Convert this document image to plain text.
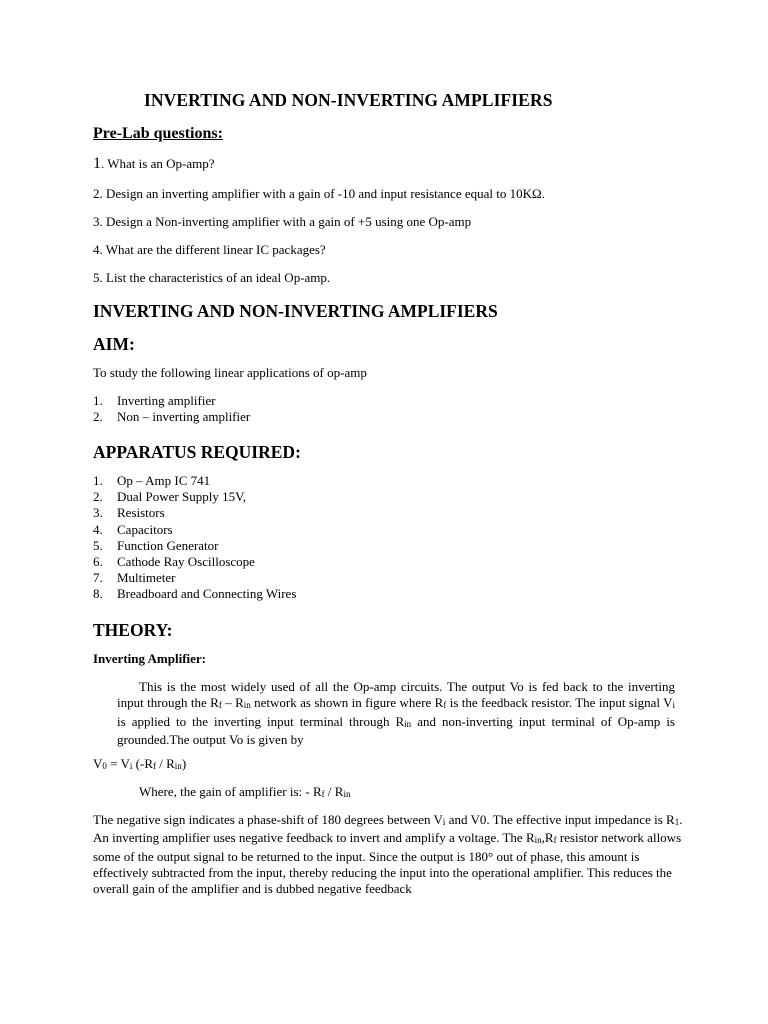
INVERTING AND NON-INVERTING AMPLIFIERS
Pre-Lab questions:
1. What is an Op-amp?
2. Design an inverting amplifier with a gain of -10 and input resistance equal to 10KΩ.
3. Design a Non-inverting amplifier with a gain of +5 using one Op-amp
4. What are the different linear IC packages?
5. List the characteristics of an ideal Op-amp.
INVERTING AND NON-INVERTING AMPLIFIERS
AIM:
To study the following linear applications of op-amp
1. Inverting amplifier
2. Non – inverting amplifier
APPARATUS REQUIRED:
1. Op – Amp IC 741
2. Dual Power Supply 15V,
3. Resistors
4. Capacitors
5. Function Generator
6. Cathode Ray Oscilloscope
7. Multimeter
8. Breadboard and Connecting Wires
THEORY:
Inverting Amplifier:
This is the most widely used of all the Op-amp circuits. The output Vo is fed back to the inverting input through the Rf – Rin network as shown in figure where Rf is the feedback resistor. The input signal Vi is applied to the inverting input terminal through Rin and non-inverting input terminal of Op-amp is grounded.The output Vo is given by
V0 = Vi (-Rf / Rin)
Where, the gain of amplifier is: - Rf / Rin
The negative sign indicates a phase-shift of 180 degrees between Vi and V0. The effective input impedance is R1. An inverting amplifier uses negative feedback to invert and amplify a voltage. The Rin,Rf resistor network allows some of the output signal to be returned to the input. Since the output is 180° out of phase, this amount is effectively subtracted from the input, thereby reducing the input into the operational amplifier. This reduces the overall gain of the amplifier and is dubbed negative feedback
